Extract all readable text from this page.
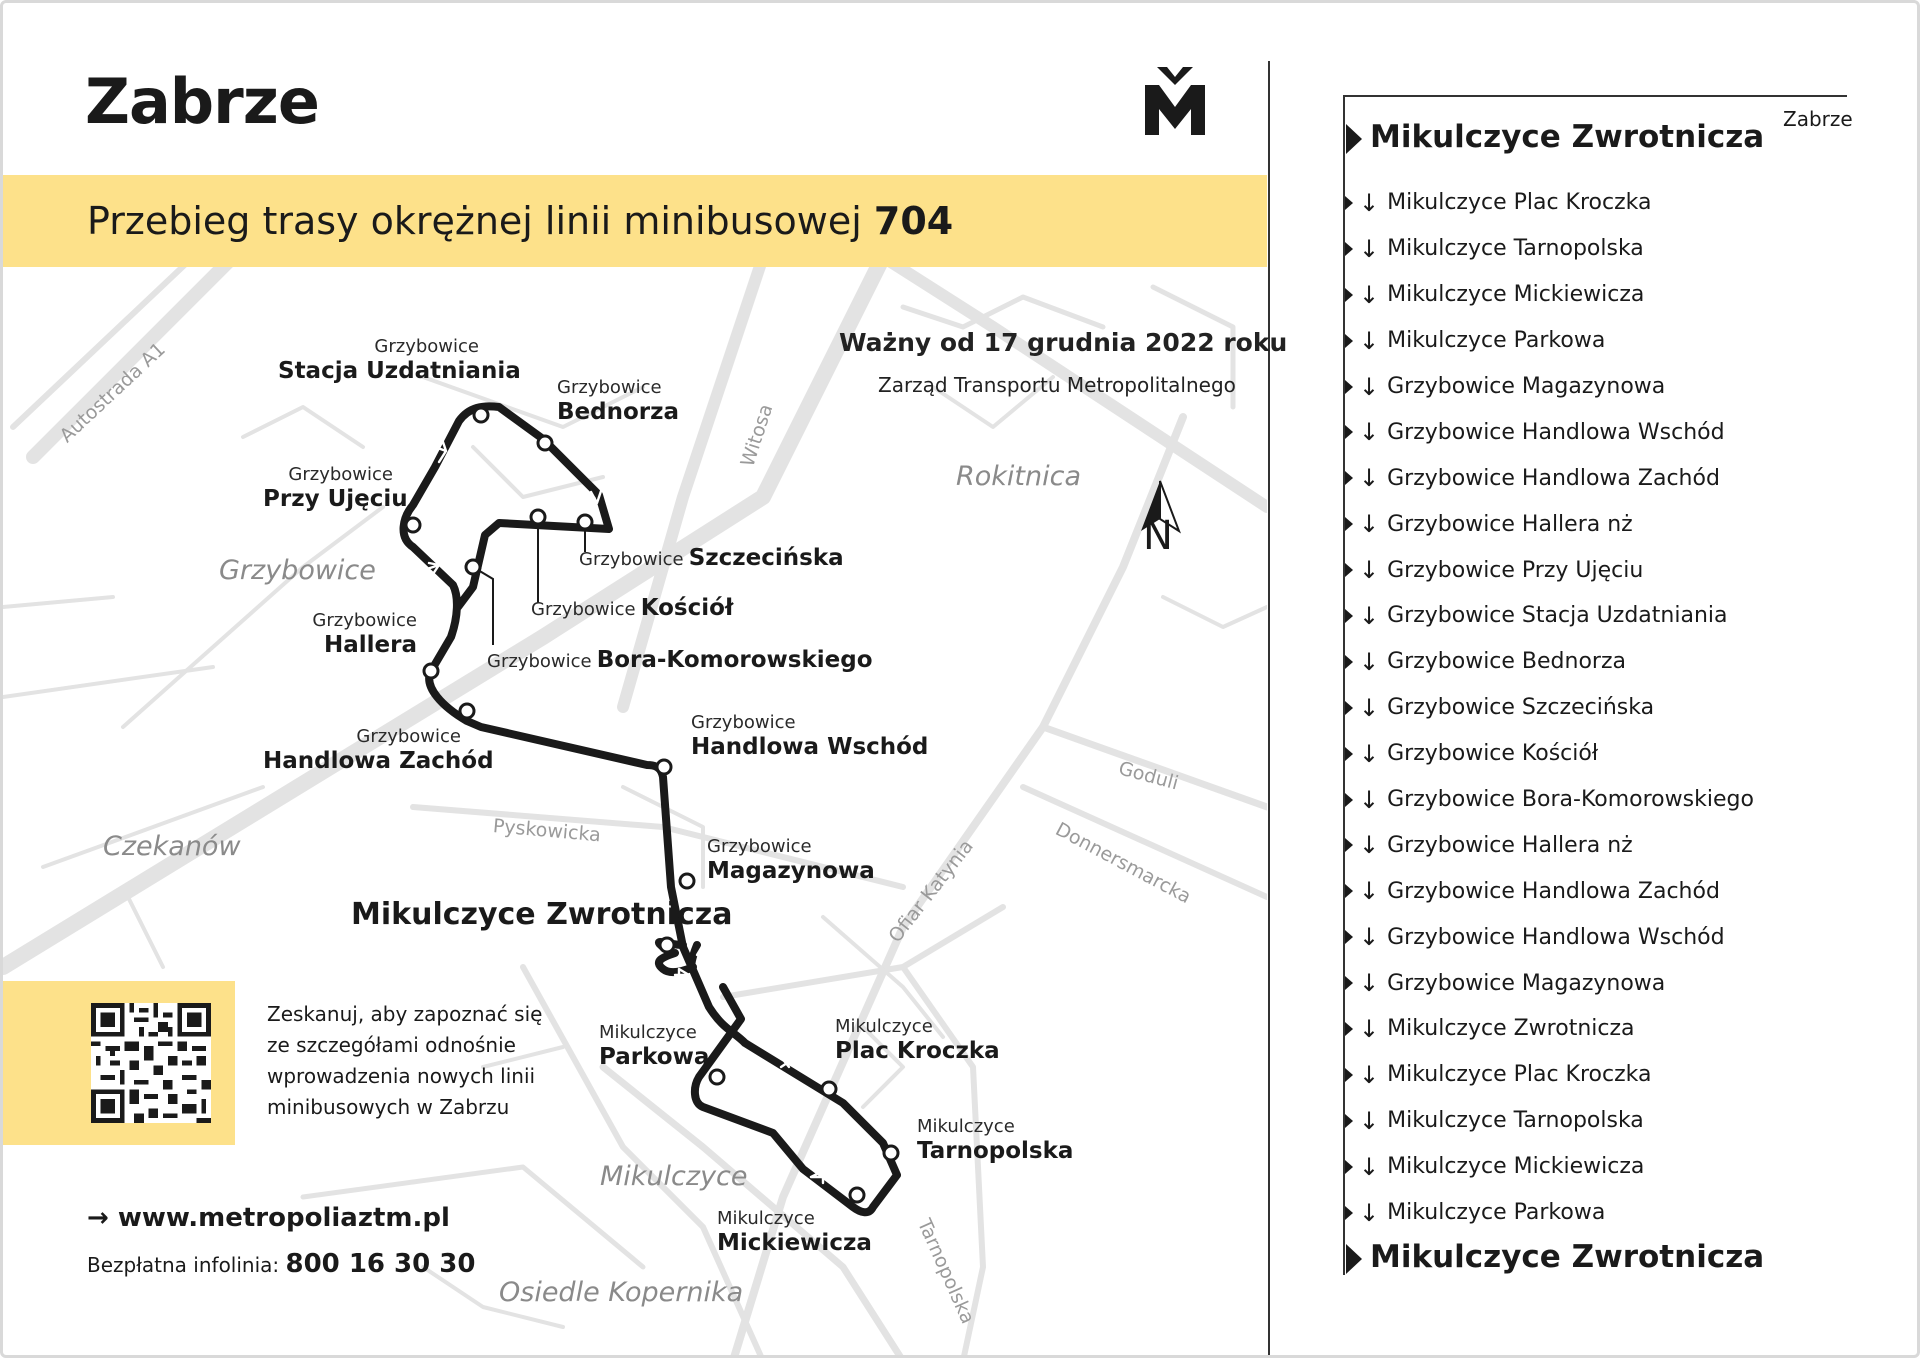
Zabrze
Przebieg trasy okrężnej linii minibusowej 704
Ważny od 17 grudnia 2022 roku
Zarząd Transportu Metropolitalnego
Grzybowice
Rokitnica
Czekanów
Mikulczyce
Osiedle Kopernika
Autostrada A1	Witosa
Pyskowicka
Goduli
Donnersmarcka
Ofiar Katynia
Tarnopolska
N
Grzybowice
Stacja Uzdatniania
Grzybowice
Bednorza
Grzybowice
Przy Ujęciu
Grzybowice Szczecińska
Grzybowice Kościół
Grzybowice
Hallera
Grzybowice Bora-Komorowskiego
Grzybowice
Handlowa Zachód
Grzybowice
Handlowa Wschód
Grzybowice
Magazynowa
Mikulczyce Zwrotnicza
Mikulczyce
Parkowa
Mikulczyce
Plac Kroczka
Mikulczyce
Tarnopolska
Mikulczyce
Mickiewicza
Zeskanuj, aby zapoznać się
ze szczegółami odnośnie
wprowadzenia nowych linii
minibusowych w Zabrzu
→ www.metropoliaztm.pl
Bezpłatna infolinia: 800 16 30 30
Zabrze
Mikulczyce Zwrotnicza
↓ Mikulczyce Plac Kroczka
↓ Mikulczyce Tarnopolska
↓ Mikulczyce Mickiewicza
↓ Mikulczyce Parkowa
↓ Grzybowice Magazynowa
↓ Grzybowice Handlowa Wschód
↓ Grzybowice Handlowa Zachód
↓ Grzybowice Hallera nż
↓ Grzybowice Przy Ujęciu
↓ Grzybowice Stacja Uzdatniania
↓ Grzybowice Bednorza
↓ Grzybowice Szczecińska
↓ Grzybowice Kościół
↓ Grzybowice Bora-Komorowskiego
↓ Grzybowice Hallera nż
↓ Grzybowice Handlowa Zachód
↓ Grzybowice Handlowa Wschód
↓ Grzybowice Magazynowa
↓ Mikulczyce Zwrotnicza
↓ Mikulczyce Plac Kroczka
↓ Mikulczyce Tarnopolska
↓ Mikulczyce Mickiewicza
↓ Mikulczyce Parkowa
Mikulczyce Zwrotnicza
